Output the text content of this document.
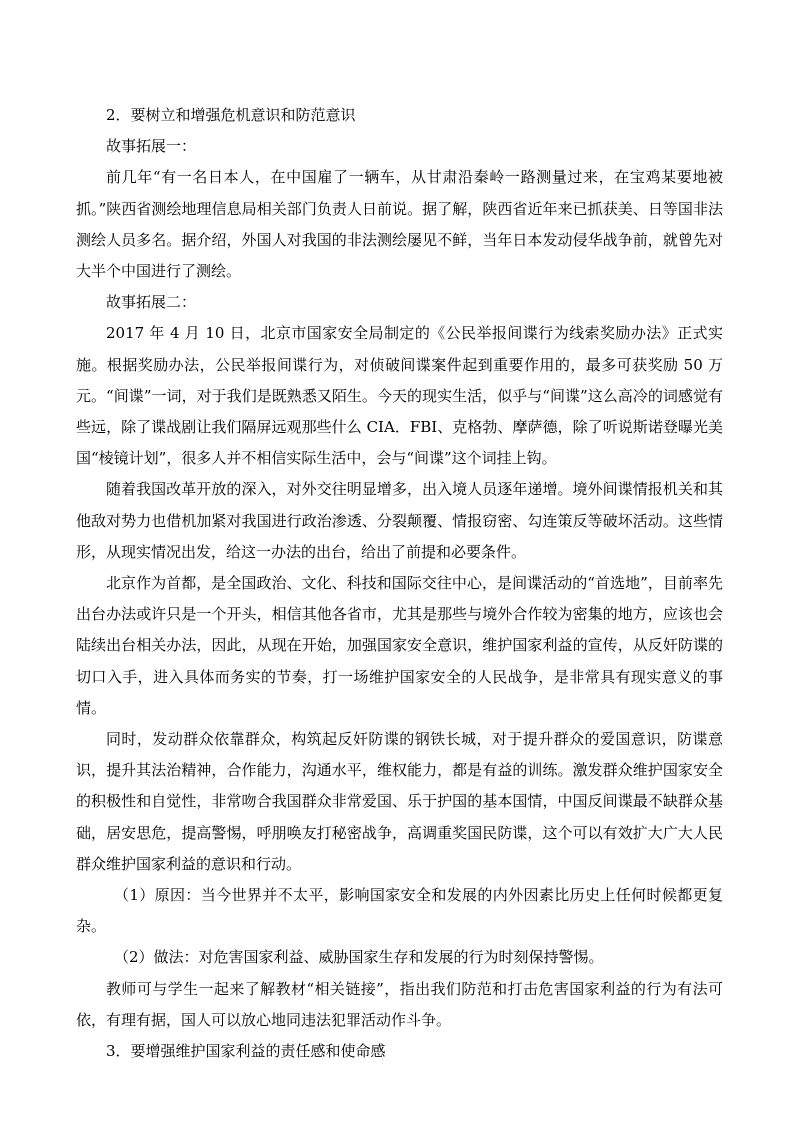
2．要树立和增强危机意识和防范意识

故事拓展一：

前几年“有一名日本人，在中国雇了一辆车，从甘肃沿秦岭一路测量过来，在宝鸡某要地被抓。”陕西省测绘地理信息局相关部门负责人日前说。据了解，陕西省近年来已抓获美、日等国非法测绘人员多名。据介绍，外国人对我国的非法测绘屡见不鲜，当年日本发动侵华战争前，就曾先对大半个中国进行了测绘。

故事拓展二：

2017 年 4 月 10 日，北京市国家安全局制定的《公民举报间谍行为线索奖励办法》正式实施。根据奖励办法，公民举报间谍行为，对侦破间谍案件起到重要作用的，最多可获奖励 50 万元。“间谍”一词，对于我们是既熟悉又陌生。今天的现实生活，似乎与“间谍”这么高冷的词感觉有些远，除了谍战剧让我们隔屏远观那些什么 CIA．FBI、克格勃、摩萨德，除了听说斯诺登曝光美国“棱镜计划”，很多人并不相信实际生活中，会与“间谍”这个词挂上钩。

随着我国改革开放的深入，对外交往明显增多，出入境人员逐年递增。境外间谍情报机关和其他敌对势力也借机加紧对我国进行政治渗透、分裂颠覆、情报窃密、勾连策反等破坏活动。这些情形，从现实情况出发，给这一办法的出台，给出了前提和必要条件。

北京作为首都，是全国政治、文化、科技和国际交往中心，是间谍活动的“首选地”，目前率先出台办法或许只是一个开头，相信其他各省市，尤其是那些与境外合作较为密集的地方，应该也会陆续出台相关办法，因此，从现在开始，加强国家安全意识，维护国家利益的宣传，从反奸防谍的切口入手，进入具体而务实的节奏，打一场维护国家安全的人民战争，是非常具有现实意义的事情。

同时，发动群众依靠群众，构筑起反奸防谍的钢铁长城，对于提升群众的爱国意识，防谍意识，提升其法治精神，合作能力，沟通水平，维权能力，都是有益的训练。激发群众维护国家安全的积极性和自觉性，非常吻合我国群众非常爱国、乐于护国的基本国情，中国反间谍最不缺群众基础，居安思危，提高警惕，呼朋唤友打秘密战争，高调重奖国民防谍，这个可以有效扩大广大人民群众维护国家利益的意识和行动。

（1）原因：当今世界并不太平，影响国家安全和发展的内外因素比历史上任何时候都更复杂。

（2）做法：对危害国家利益、威胁国家生存和发展的行为时刻保持警惕。

教师可与学生一起来了解教材“相关链接”，指出我们防范和打击危害国家利益的行为有法可依，有理有据，国人可以放心地同违法犯罪活动作斗争。

3．要增强维护国家利益的责任感和使命感
